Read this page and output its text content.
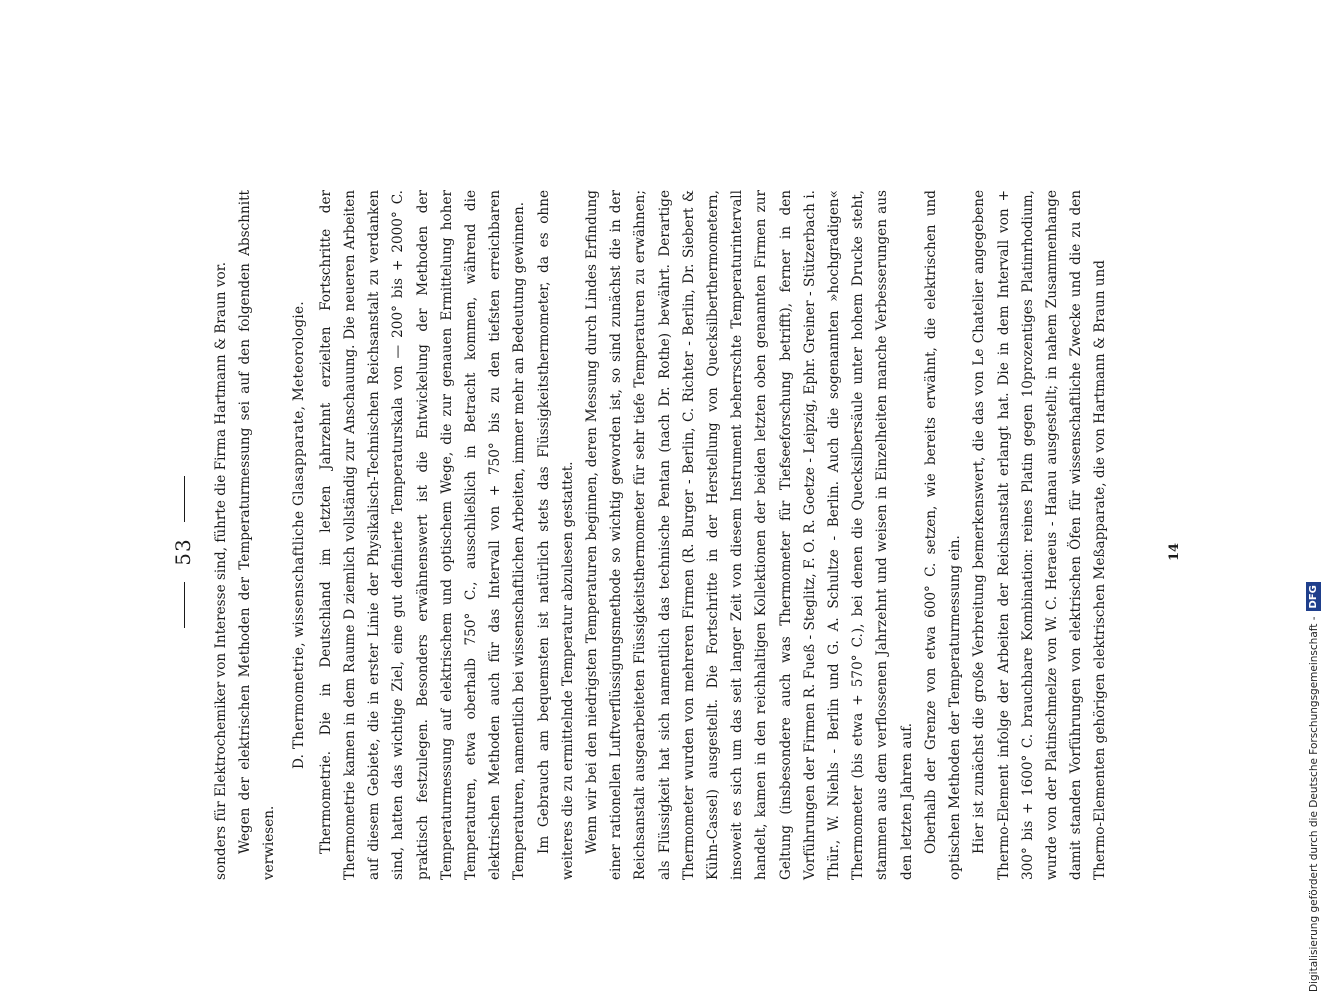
53 sonders für Elektrochemiker von Interesse sind, führte die Firma Hartmann & Braun vor. Wegen der elektrischen Methoden der Temperaturmessung sei auf den folgenden Abschnitt verwiesen.

D. Thermometrie, wissenschaftliche Glasapparate, Meteorologie. Thermometrie. Die in Deutschland im letzten Jahrzehnt erzielten Fortschritte der Thermometrie kamen in dem Raume D ziemlich vollständig zur Anschauung. Die neueren Arbeiten auf diesem Gebiete, die in erster Linie der Physikalisch-Technischen Reichsanstalt zu verdanken sind, hatten das wichtige Ziel, eine gut definierte Temperaturskala von — 200° bis + 2000° C. praktisch festzulegen. Besonders erwähnenswert ist die Entwickelung der Methoden der Temperaturmessung auf elektrischem und optischem Wege, die zur genauen Ermittelung hoher Temperaturen, etwa oberhalb 750° C., ausschließlich in Betracht kommen, während die elektrischen Methoden auch für das Intervall von + 750° bis zu den tiefsten erreichbaren Temperaturen, namentlich bei wissenschaftlichen Arbeiten, immer mehr an Bedeutung gewinnen. Im Gebrauch am bequemsten ist natürlich stets das Flüssigkeitsthermometer, da es ohne weiteres die zu ermittelnde Temperatur abzulesen gestattet. Wenn wir bei den niedrigsten Temperaturen beginnen, deren Messung durch Lindes Erfindung einer rationellen Luftverflüssigungsmethode so wichtig geworden ist, so sind zunächst die in der Reichsanstalt ausgearbeiteten Flüssigkeitsthermometer für sehr tiefe Temperaturen zu erwähnen; als Flüssigkeit hat sich namentlich das technische Pentan (nach Dr. Rothe) bewährt. Derartige Thermometer wurden von mehreren Firmen (R. Burger - Berlin, C. Richter - Berlin, Dr. Siebert & Kühn-Cassel) ausgestellt. Die Fortschritte in der Herstellung von Quecksilberthermometern, insoweit es sich um das seit langer Zeit von diesem Instrument beherrschte Temperaturintervall handelt, kamen in den reichhaltigen Kollektionen der beiden letzten oben genannten Firmen zur Geltung (insbesondere auch was Thermometer für Tiefseeforschung betrifft), ferner in den Vorführungen der Firmen R. Fueß - Steglitz, F. O. R. Goetze - Leipzig, Ephr. Greiner - Stützerbach i. Thür., W. Niehls - Berlin und G. A. Schultze - Berlin. Auch die sogenannten »hochgradigen« Thermometer (bis etwa + 570° C.), bei denen die Quecksilbersäule unter hohem Drucke steht, stammen aus dem verflossenen Jahrzehnt und weisen in Einzelheiten manche Verbesserungen aus den letzten Jahren auf. Oberhalb der Grenze von etwa 600° C. setzen, wie bereits erwähnt, die elektrischen und optischen Methoden der Temperaturmessung ein. Hier ist zunächst die große Verbreitung bemerkenswert, die das von Le Chatelier angegebene Thermo-Element infolge der Arbeiten der Reichsanstalt erlangt hat. Die in dem Intervall von + 300° bis + 1600° C. brauchbare Kombination: reines Platin gegen 10prozentiges Platinrhodium, wurde von der Platinschmelze von W. C. Heraeus - Hanau ausgestellt; in nahem Zusammenhange damit standen Vorführungen von elektrischen Öfen für wissenschaftliche Zwecke und die zu den Thermo-Elementen gehörigen elektrischen Meßapparate, die von Hartmann & Braun und	14
Digitalisierung gefördert durch die Deutsche Forschungsgemeinschaft -
DFG
